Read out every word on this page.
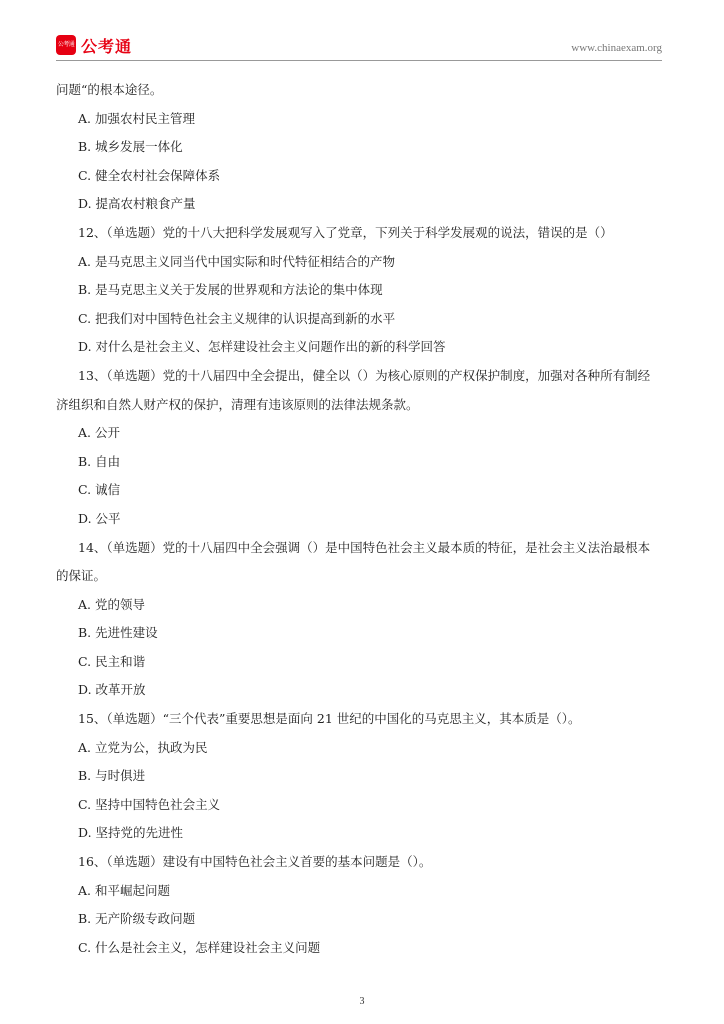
公考通 公考通	www.chinaexam.org
问题“的根本途径。
A. 加强农村民主管理
B. 城乡发展一体化
C. 健全农村社会保障体系
D. 提高农村粮食产量
12、（单选题）党的十八大把科学发展观写入了党章，下列关于科学发展观的说法，错误的是（）
A. 是马克思主义同当代中国实际和时代特征相结合的产物
B. 是马克思主义关于发展的世界观和方法论的集中体现
C. 把我们对中国特色社会主义规律的认识提高到新的水平
D. 对什么是社会主义、怎样建设社会主义问题作出的新的科学回答
13、（单选题）党的十八届四中全会提出，健全以（）为核心原则的产权保护制度，加强对各种所有制经
济组织和自然人财产权的保护，清理有违该原则的法律法规条款。
A. 公开
B. 自由
C. 诚信
D. 公平
14、（单选题）党的十八届四中全会强调（）是中国特色社会主义最本质的特征，是社会主义法治最根本
的保证。
A. 党的领导
B. 先进性建设
C. 民主和谐
D. 改革开放
15、（单选题）“三个代表”重要思想是面向 21 世纪的中国化的马克思主义，其本质是（）。
A. 立党为公，执政为民
B. 与时俱进
C. 坚持中国特色社会主义
D. 坚持党的先进性
16、（单选题）建设有中国特色社会主义首要的基本问题是（）。
A. 和平崛起问题
B. 无产阶级专政问题
C. 什么是社会主义，怎样建设社会主义问题
3
